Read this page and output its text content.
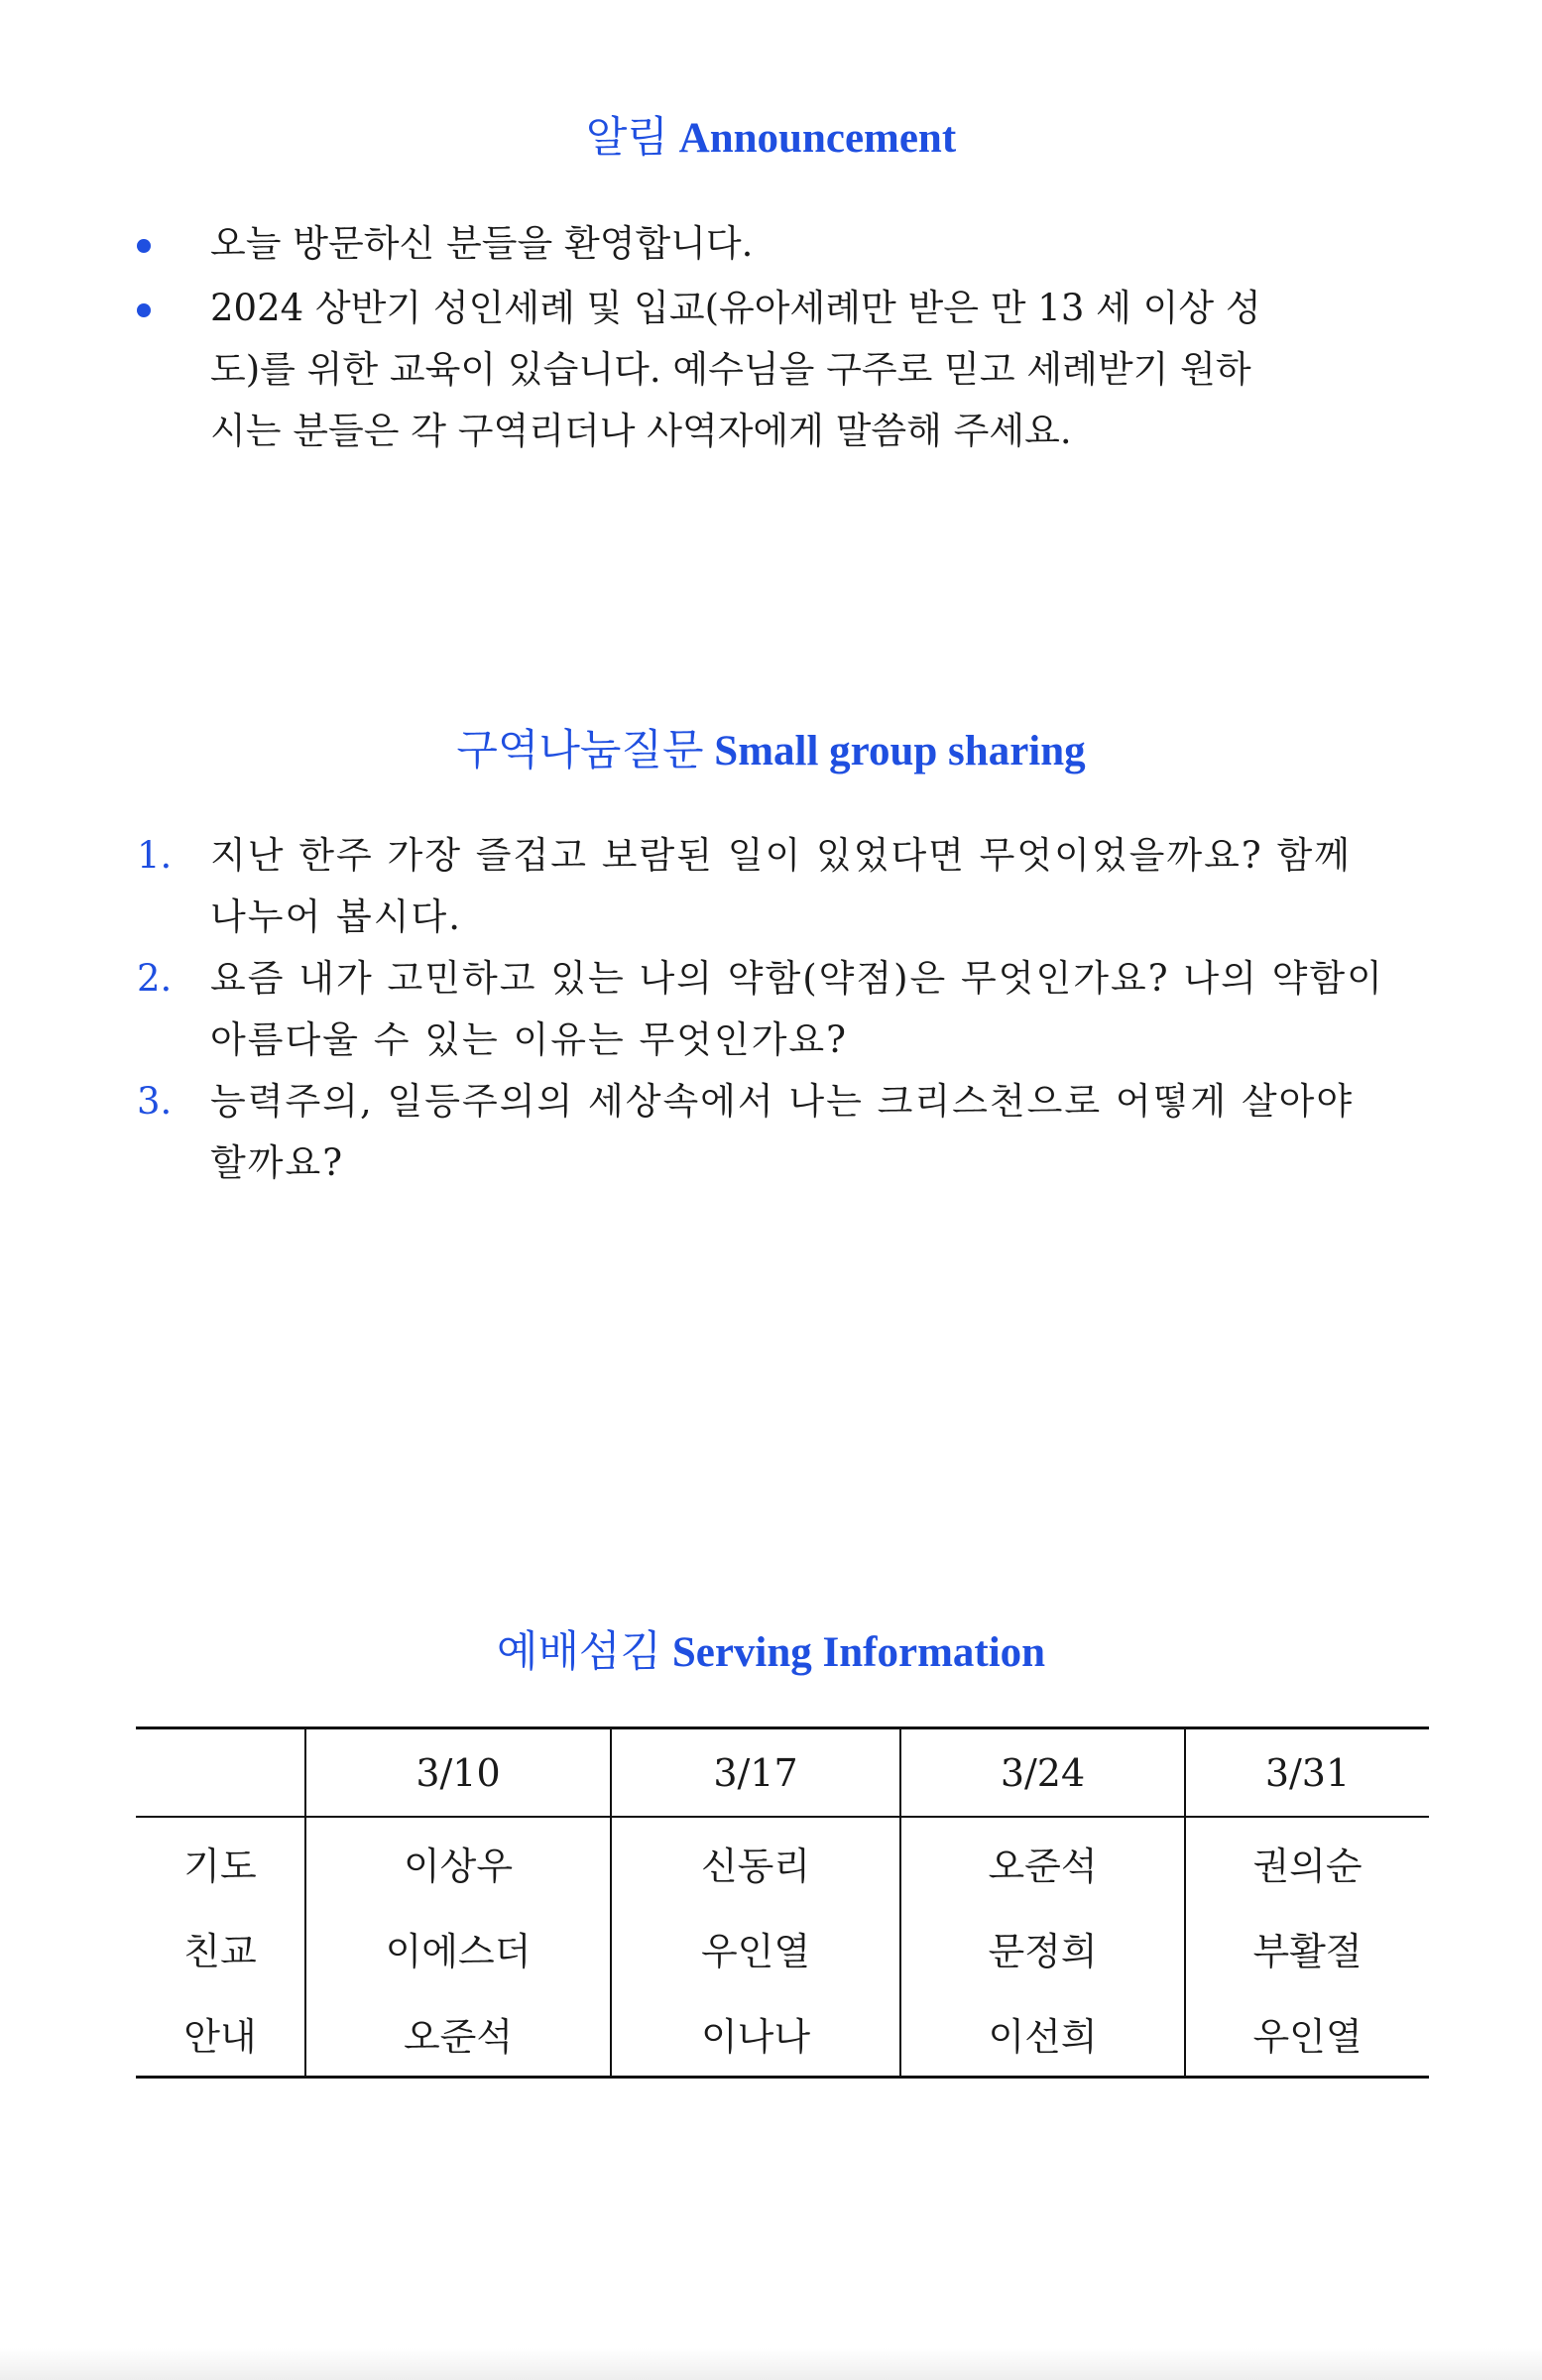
알림 Announcement
오늘 방문하신 분들을 환영합니다.
2024 상반기 성인세례 및 입교(유아세례만 받은 만 13 세 이상 성도)를 위한 교육이 있습니다. 예수님을 구주로 믿고 세례받기 원하시는 분들은 각 구역리더나 사역자에게 말씀해 주세요.
구역나눔질문 Small group sharing
1. 지난 한주 가장 즐겁고 보람된 일이 있었다면 무엇이었을까요? 함께 나누어 봅시다.
2. 요즘 내가 고민하고 있는 나의 약함(약점)은 무엇인가요? 나의 약함이 아름다울 수 있는 이유는 무엇인가요?
3. 능력주의, 일등주의의 세상속에서 나는 크리스천으로 어떻게 살아야 할까요?
예배섬김 Serving Information
	3/10	3/17	3/24	3/31
기도	이상우	신동리	오준석	권의순
친교	이에스더	우인열	문정희	부활절
안내	오준석	이나나	이선희	우인열
